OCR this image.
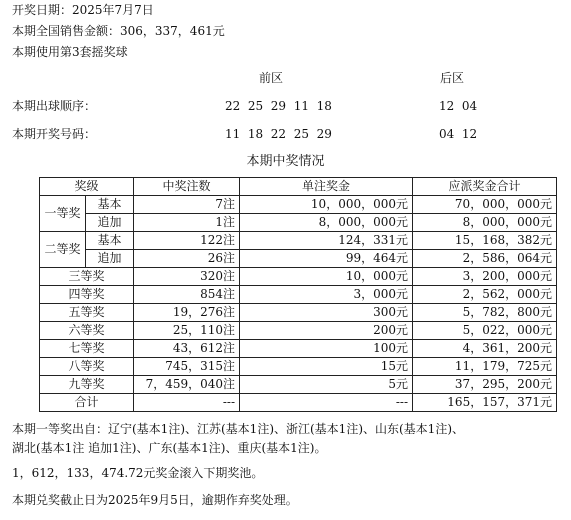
开奖日期：2025年7月7日
本期全国销售金额：306，337，461元
本期使用第3套摇奖球
前区	后区
本期出球顺序：	22  25  29  11  18	12  04
本期开奖号码：	11  18  22  25  29	04  12
本期中奖情况
奖级		中奖注数	单注奖金	应派奖金合计
一等奖	基本	7注	10，000，000元	70，000，000元
	追加	1注	8，000，000元	8，000，000元
二等奖	基本	122注	124，331元	15，168，382元
	追加	26注	99，464元	2，586，064元
三等奖		320注	10，000元	3，200，000元
四等奖		854注	3，000元	2，562，000元
五等奖		19，276注	300元	5，782，800元
六等奖		25，110注	200元	5，022，000元
七等奖		43，612注	100元	4，361，200元
八等奖		745，315注	15元	11，179，725元
九等奖		7，459，040注	5元	37，295，200元
合计		---	---	165，157，371元
本期一等奖出自：辽宁(基本1注)、江苏(基本1注)、浙江(基本1注)、山东(基本1注)、
湖北(基本1注 追加1注)、广东(基本1注)、重庆(基本1注)。
1，612，133，474.72元奖金滚入下期奖池。
本期兑奖截止日为2025年9月5日，逾期作弃奖处理。
